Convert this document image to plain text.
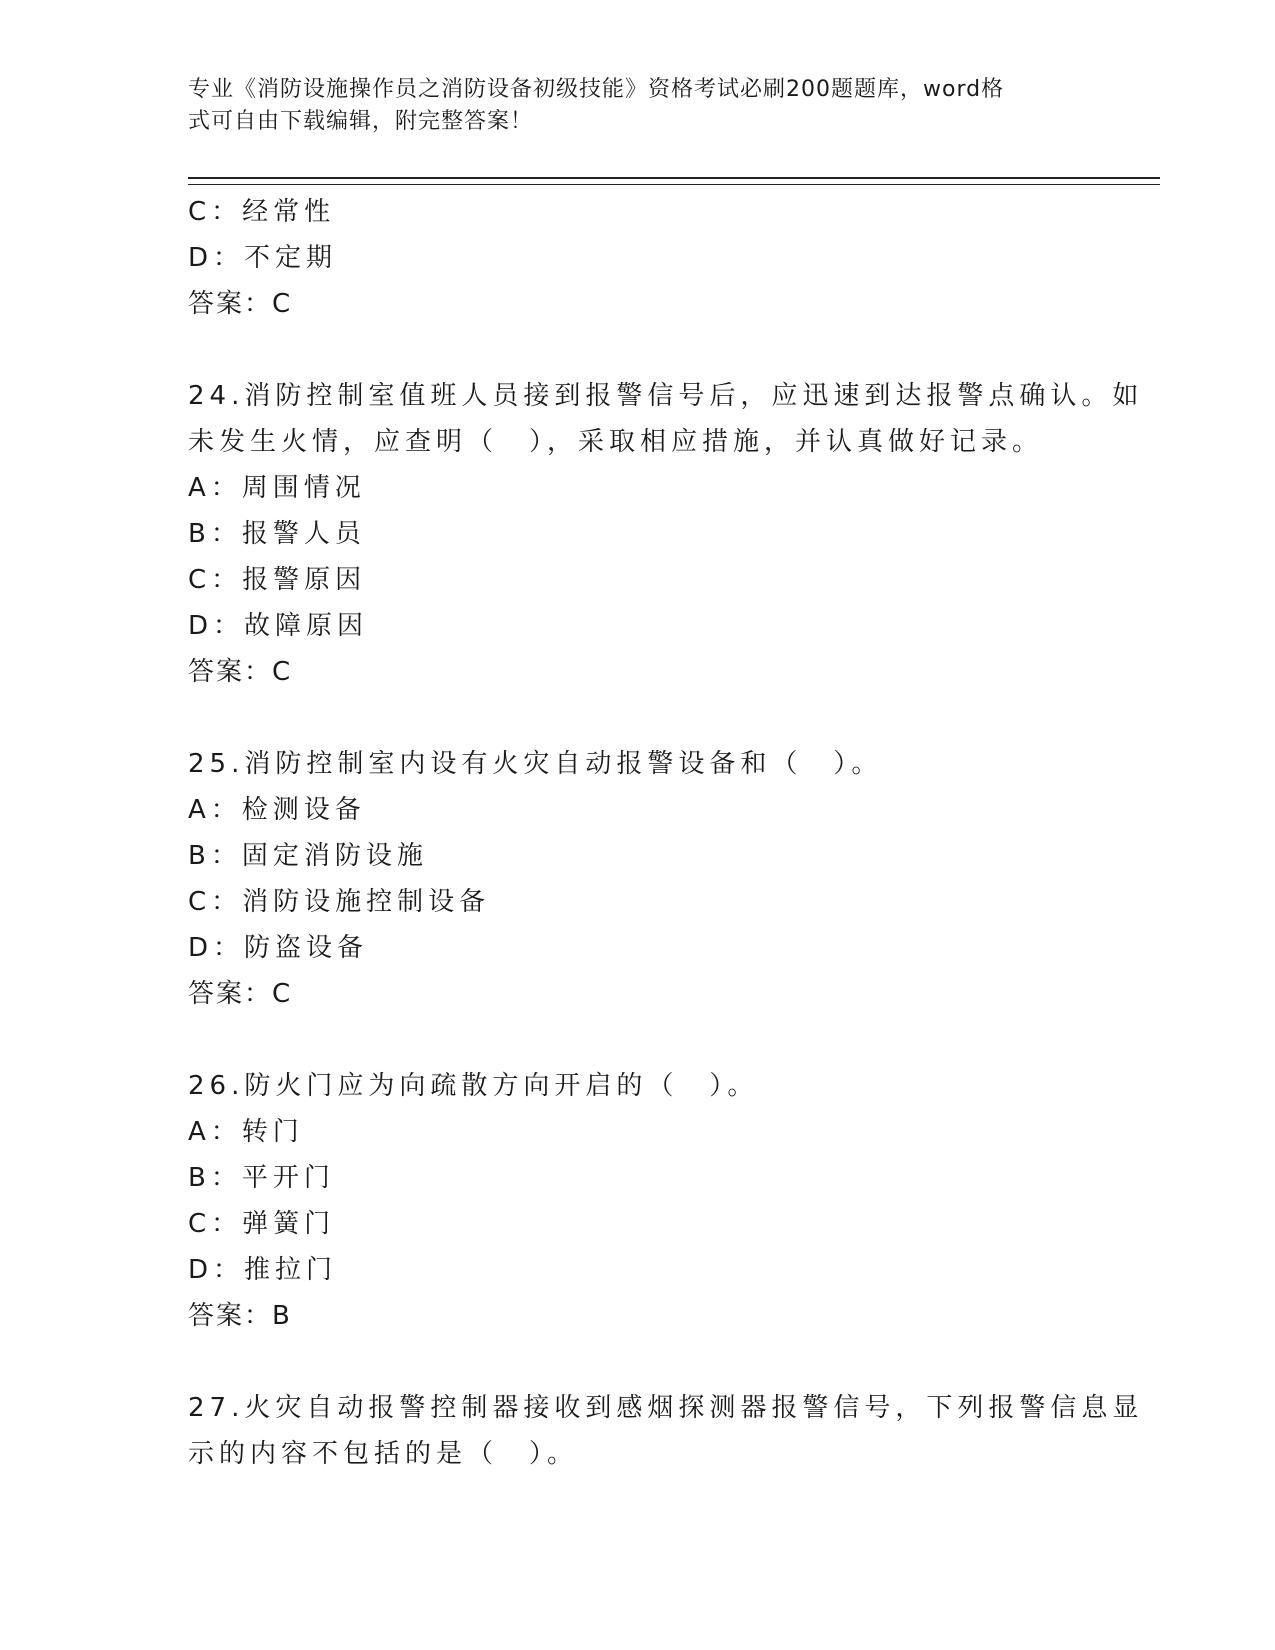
专业《消防设施操作员之消防设备初级技能》资格考试必刷200题题库，word格
式可自由下载编辑，附完整答案！
C：经常性
D：不定期
答案：C
24.消防控制室值班人员接到报警信号后，应迅速到达报警点确认。如
未发生火情，应查明（　），采取相应措施，并认真做好记录。
A：周围情况
B：报警人员
C：报警原因
D：故障原因
答案：C
25.消防控制室内设有火灾自动报警设备和（　）。
A：检测设备
B：固定消防设施
C：消防设施控制设备
D：防盗设备
答案：C
26.防火门应为向疏散方向开启的（　）。
A：转门
B：平开门
C：弹簧门
D：推拉门
答案：B
27.火灾自动报警控制器接收到感烟探测器报警信号，下列报警信息显
示的内容不包括的是（　）。
